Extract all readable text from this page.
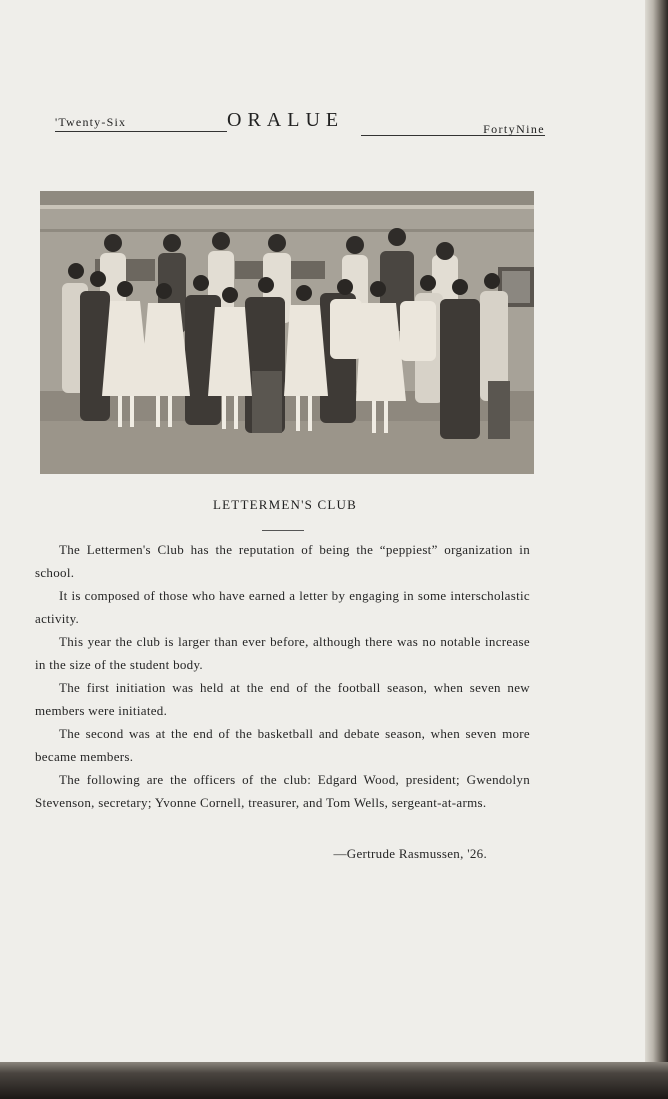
'Twenty-Six	ORALUE	FortyNine
LETTERMEN'S CLUB

The Lettermen's Club has the reputation of being the “peppiest” organization in school.

It is composed of those who have earned a letter by engaging in some interscholastic activity.

This year the club is larger than ever before, although there was no notable increase in the size of the student body.

The first initiation was held at the end of the football season, when seven new members were initiated.

The second was at the end of the basketball and debate season, when seven more became members.

The following are the officers of the club: Edgard Wood, president; Gwendolyn Stevenson, secretary; Yvonne Cornell, treasurer, and Tom Wells, sergeant-at-arms.

—Gertrude Rasmussen, '26.
